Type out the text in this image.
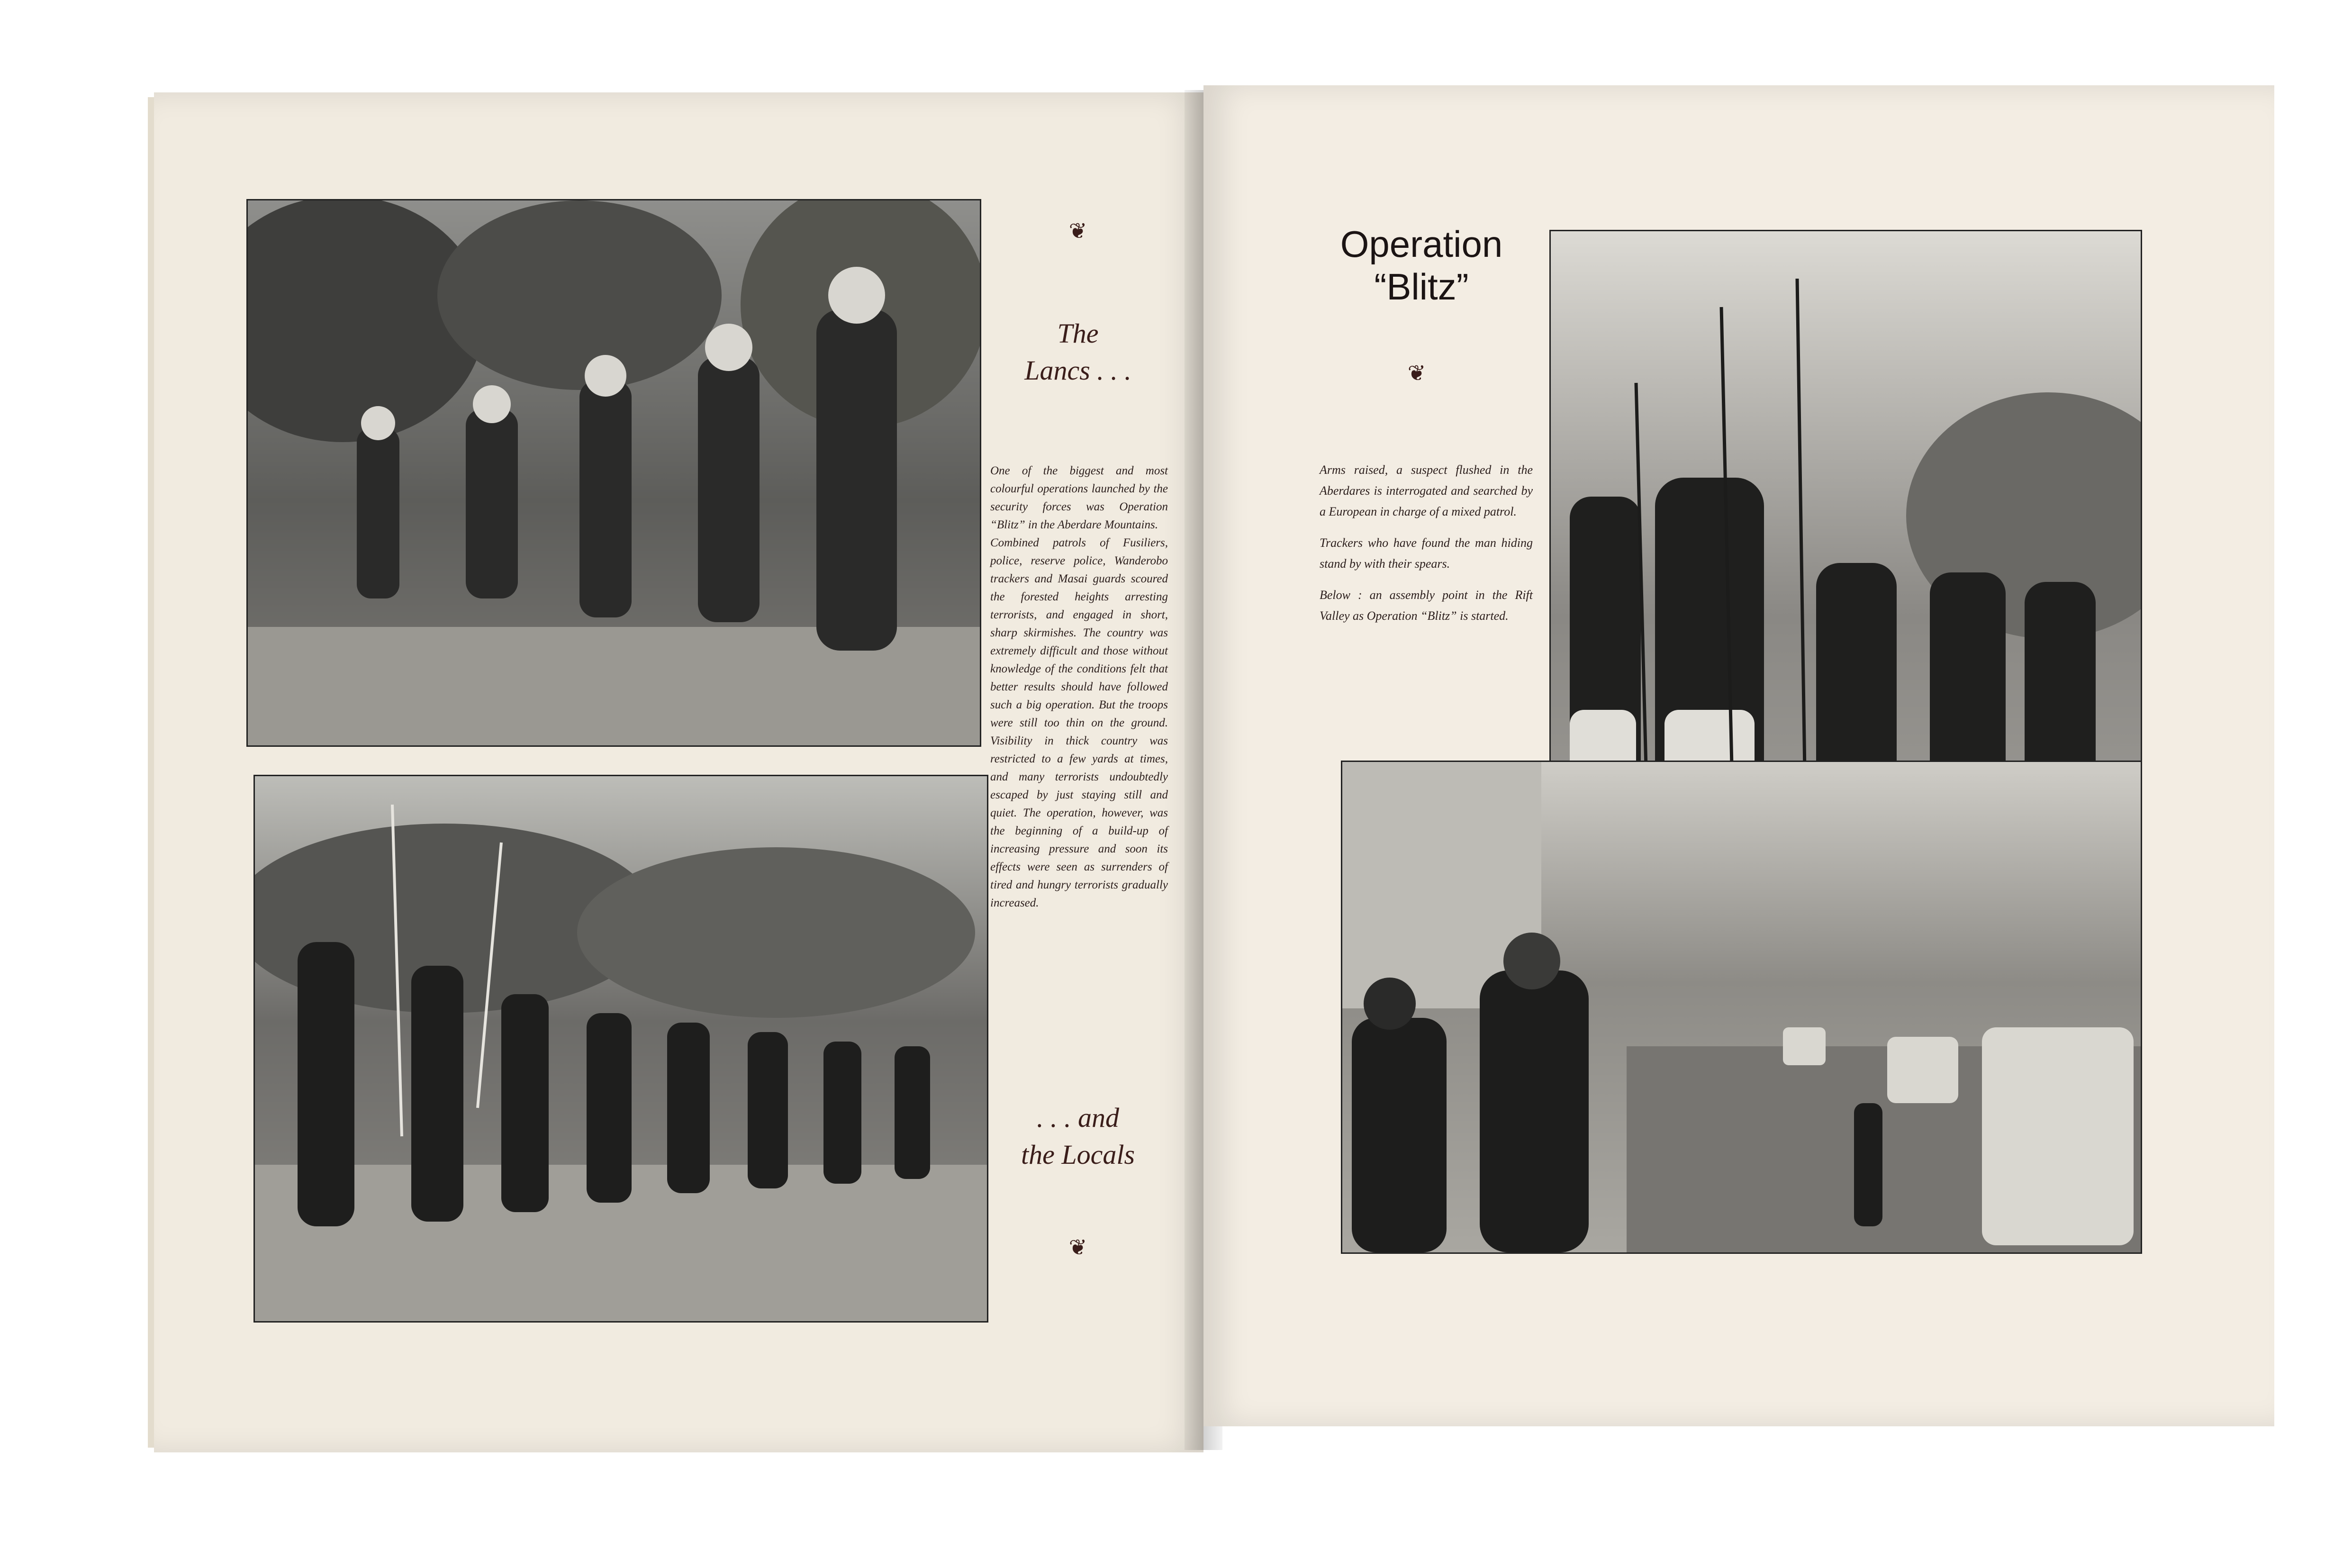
❦
The
Lancs . . .

One of the biggest and most colourful operations launched by the security forces was Operation “Blitz” in the Aberdare Mountains.

Combined patrols of Fusiliers, police, reserve police, Wanderobo trackers and Masai guards scoured the forested heights arresting terrorists, and engaged in short, sharp skirmishes. The country was extremely difficult and those without knowledge of the conditions felt that better results should have followed such a big operation. But the troops were still too thin on the ground. Visibility in thick country was restricted to a few yards at times, and many terrorists undoubtedly escaped by just staying still and quiet. The operation, however, was the beginning of a build-up of increasing pressure and soon its effects were seen as surrenders of tired and hungry terrorists gradually increased.

. . . and
the Locals
❦
Operation
“Blitz”
❦

Arms raised, a suspect flushed in the Aberdares is interrogated and searched by a European in charge of a mixed patrol.

Trackers who have found the man hiding stand by with their spears.

Below : an assembly point in the Rift Valley as Operation “Blitz” is started.
